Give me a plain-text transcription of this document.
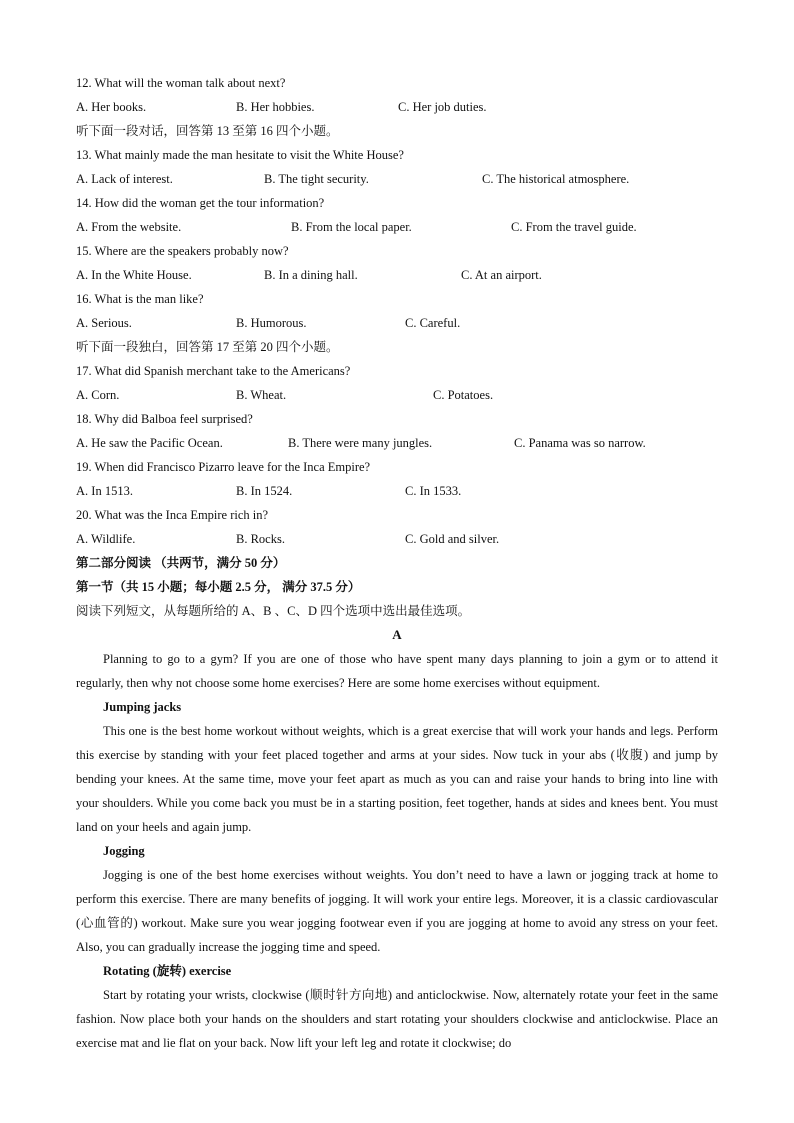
12. What will the woman talk about next?
A. Her books.	B. Her hobbies.	C. Her job duties.
听下面一段对话，回答第 13 至第 16 四个小题。
13. What mainly made the man hesitate to visit the White House?
A. Lack of interest.	B. The tight security.	C. The historical atmosphere.
14. How did the woman get the tour information?
A. From the website.	B. From the local paper.	C. From the travel guide.
15. Where are the speakers probably now?
A. In the White House.	B. In a dining hall.	C. At an airport.
16. What is the man like?
A. Serious.	B. Humorous.	C. Careful.
听下面一段独白，回答第 17 至第 20 四个小题。
17. What did Spanish merchant take to the Americans?
A. Corn.	B. Wheat.	C. Potatoes.
18. Why did Balboa feel surprised?
A. He saw the Pacific Ocean.	B. There were many jungles.	C. Panama was so narrow.
19. When did Francisco Pizarro leave for the Inca Empire?
A. In 1513.	B. In 1524.	C. In 1533.
20. What was the Inca Empire rich in?
A. Wildlife.	B. Rocks.	C. Gold and silver.
第二部分阅读 （共两节，满分 50 分）
第一节（共 15 小题；每小题 2.5 分， 满分 37.5 分）
阅读下列短文，从每题所给的 A、B 、C、D 四个选项中选出最佳选项。
A

Planning to go to a gym? If you are one of those who have spent many days planning to join a gym or to attend it regularly, then why not choose some home exercises? Here are some home exercises without equipment.

Jumping jacks

This one is the best home workout without weights, which is a great exercise that will work your hands and legs. Perform this exercise by standing with your feet placed together and arms at your sides. Now tuck in your abs (收腹) and jump by bending your knees. At the same time, move your feet apart as much as you can and raise your hands to bring into line with your shoulders. While you come back you must be in a starting position, feet together, hands at sides and knees bent. You must land on your heels and again jump.

Jogging

Jogging is one of the best home exercises without weights. You don’t need to have a lawn or jogging track at home to perform this exercise. There are many benefits of jogging. It will work your entire legs. Moreover, it is a classic cardiovascular (心血管的) workout. Make sure you wear jogging footwear even if you are jogging at home to avoid any stress on your feet. Also, you can gradually increase the jogging time and speed.

Rotating (旋转) exercise

Start by rotating your wrists, clockwise (顺时针方向地) and anticlockwise. Now, alternately rotate your feet in the same fashion. Now place both your hands on the shoulders and start rotating your shoulders clockwise and anticlockwise. Place an exercise mat and lie flat on your back. Now lift your left leg and rotate it clockwise; do
